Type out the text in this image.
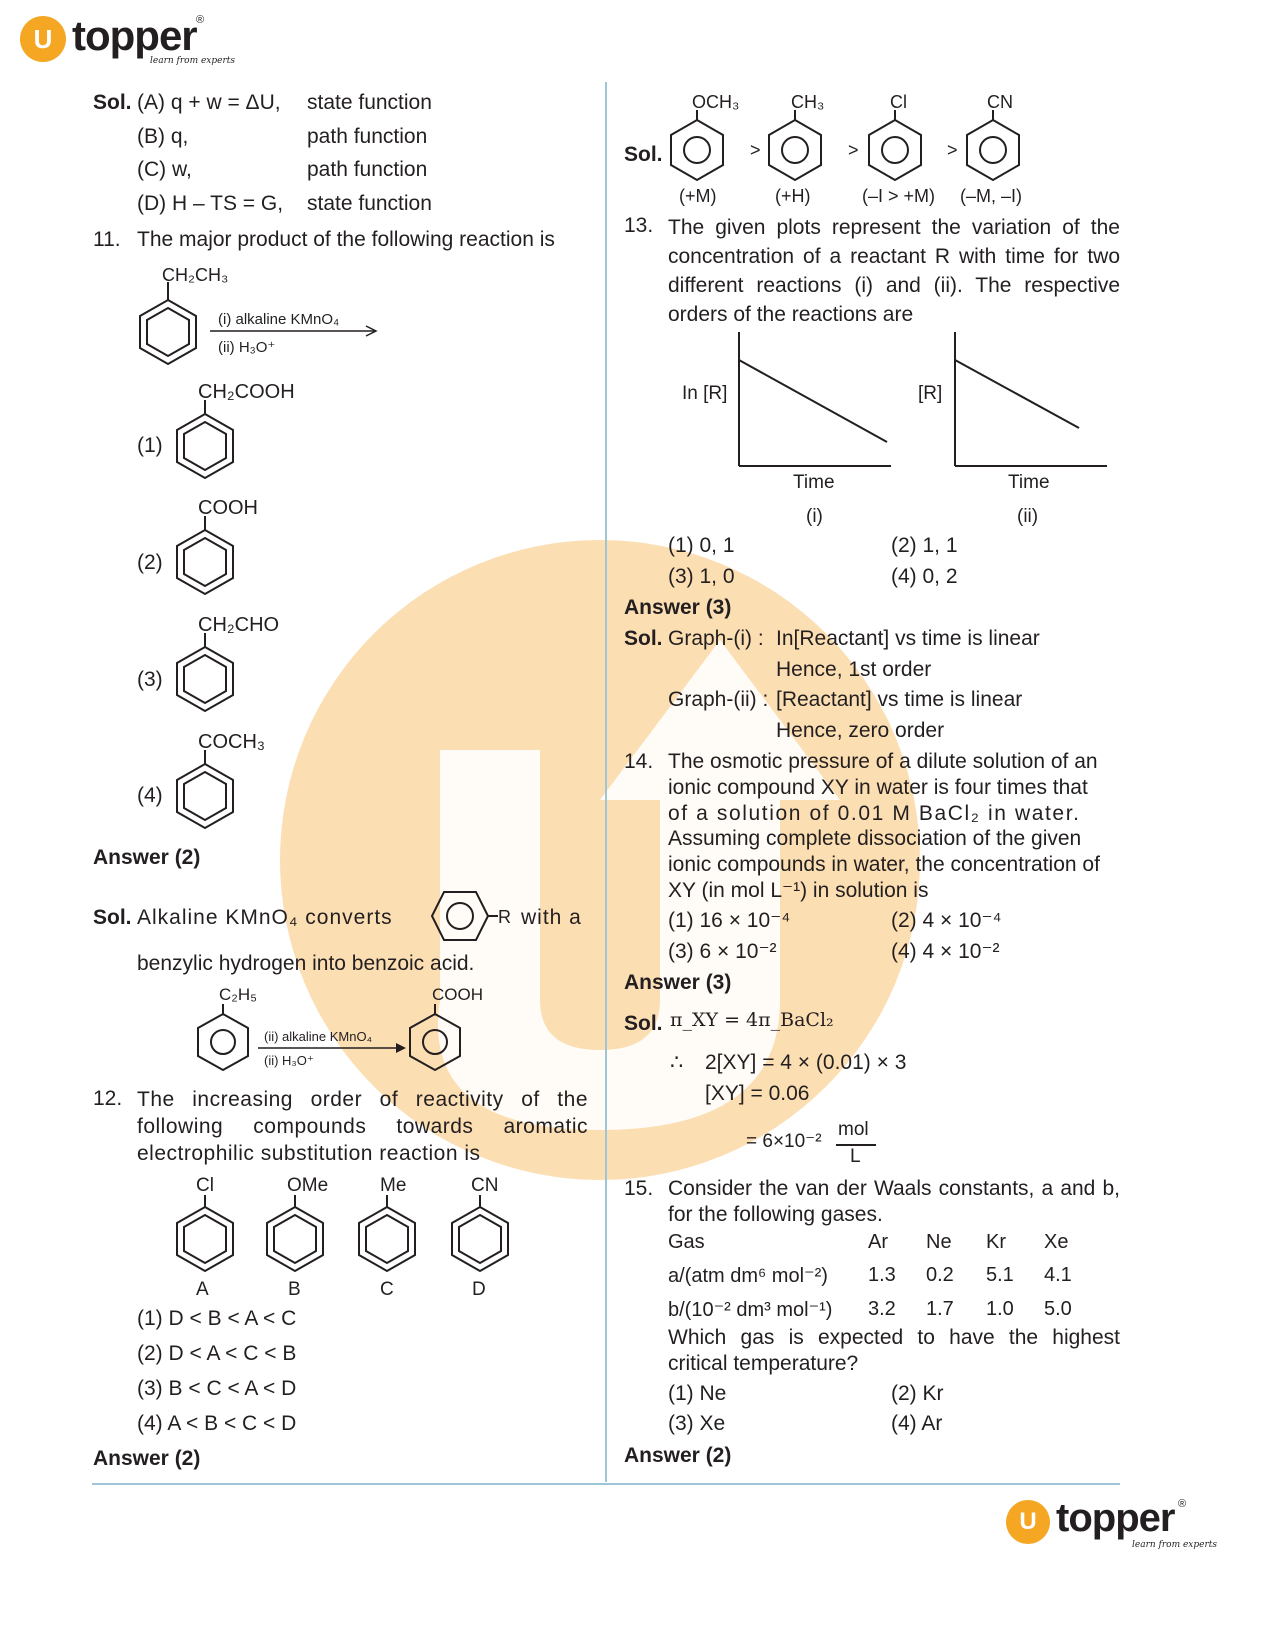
U topper ®
learn from experts
Sol. (A) q + w = ΔU, state function
(B) q,	path function
(C) w,	path function
(D) H – TS = G, state function
11. The major product of the following reaction is
CH₂CH₃
(i) alkaline KMnO₄
(ii) H₃O⁺
(1)
CH₂COOH
(2)
COOH
(3)
CH₂CHO
(4)
COCH₃
Answer (2)
Sol. Alkaline KMnO₄ converts	R with a
benzylic hydrogen into benzoic acid.
C₂H₅
(ii) alkaline KMnO₄
(ii) H₃O⁺
COOH
12. The increasing order of reactivity of the following compounds towards aromatic electrophilic substitution reaction is
Cl
A
OMe
B
Me
C
CN
D
(1) D < B < A < C
(2) D < A < C < B
(3) B < C < A < D
(4) A < B < C < D
Answer (2)
Sol.
OCH₃
(+M)
>
CH₃
(+H)
>
Cl
(–I > +M)
>
CN
(–M, –I)
13. The given plots represent the variation of the concentration of a reactant R with time for two different reactions (i) and (ii). The respective orders of the reactions are
In [R]
Time
(i)
[R]
Time
(ii)
(1) 0, 1	(2) 1, 1
(3) 1, 0	(4) 0, 2
Answer (3)
Sol. Graph-(i) : In[Reactant] vs time is linear
Hence, 1st order
Graph-(ii) : [Reactant] vs time is linear
Hence, zero order
14. The osmotic pressure of a dilute solution of an
ionic compound XY in water is four times that
of a solution of 0.01 M BaCl₂ in water.
Assuming complete dissociation of the given
ionic compounds in water, the concentration of
XY (in mol L⁻¹) in solution is
(1) 16 × 10⁻⁴	(2) 4 × 10⁻⁴
(3) 6 × 10⁻²	(4) 4 × 10⁻²
Answer (3)
Sol. π_XY = 4π_BaCl₂
∴ 2[XY] = 4 × (0.01) × 3
[XY] = 0.06
= 6×10⁻²
mol
L
15. Consider the van der Waals constants, a and b, for the following gases.
Gas	Ar	Ne	Kr	Xe
a/(atm dm⁶ mol⁻²)	1.3	0.2	5.1	4.1
b/(10⁻² dm³ mol⁻¹)	3.2	1.7	1.0	5.0
Which gas is expected to have the highest critical temperature?
(1) Ne	(2) Kr
(3) Xe	(4) Ar
Answer (2)
U topper ®
learn from experts
